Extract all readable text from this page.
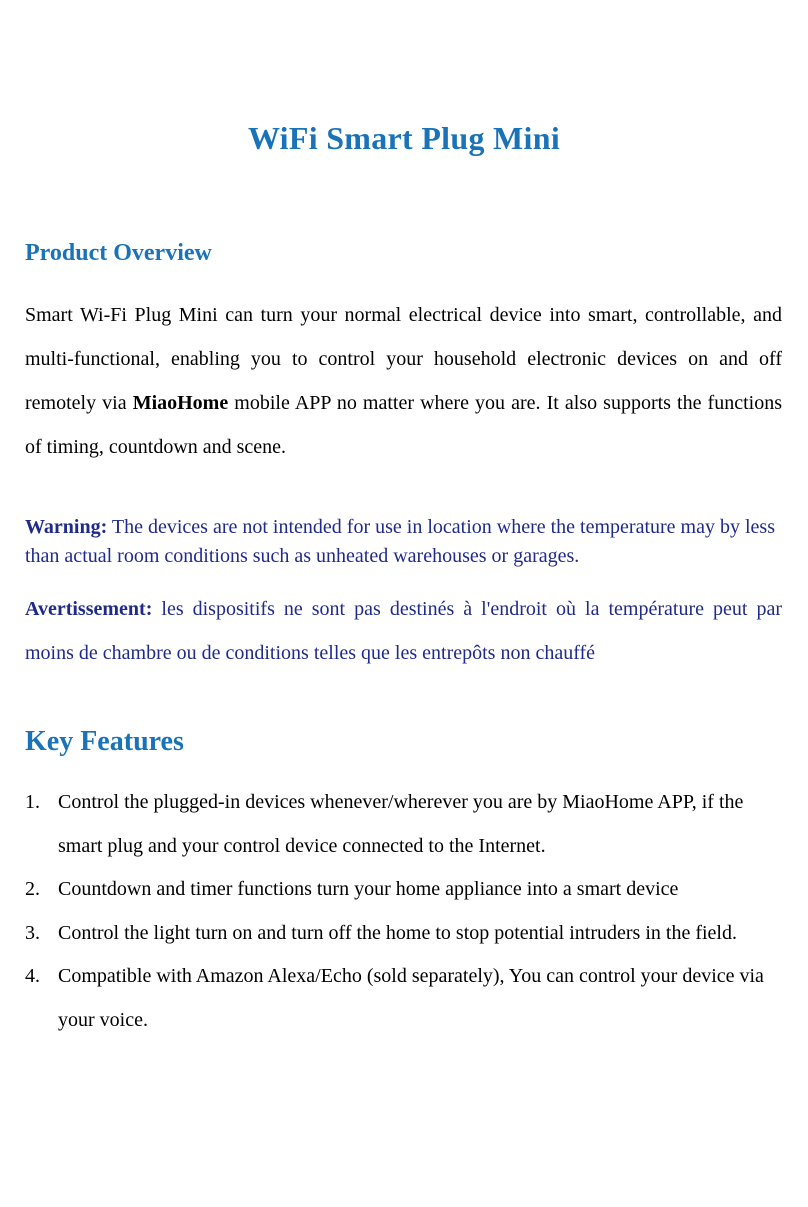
WiFi Smart Plug Mini
Product Overview

Smart Wi-Fi Plug Mini can turn your normal electrical device into smart, controllable, and multi-functional, enabling you to control your household electronic devices on and off remotely via MiaoHome mobile APP no matter where you are. It also supports the functions of timing, countdown and scene.

Warning: The devices are not intended for use in location where the temperature may by less than actual room conditions such as unheated warehouses or garages.

Avertissement: les dispositifs ne sont pas destinés à l'endroit où la température peut par moins de chambre ou de conditions telles que les entrepôts non chauffé

Key Features
1. Control the plugged-in devices whenever/wherever you are by MiaoHome APP, if the smart plug and your control device connected to the Internet.
2. Countdown and timer functions turn your home appliance into a smart device
3. Control the light turn on and turn off the home to stop potential intruders in the field.
4. Compatible with Amazon Alexa/Echo (sold separately), You can control your device via your voice.
